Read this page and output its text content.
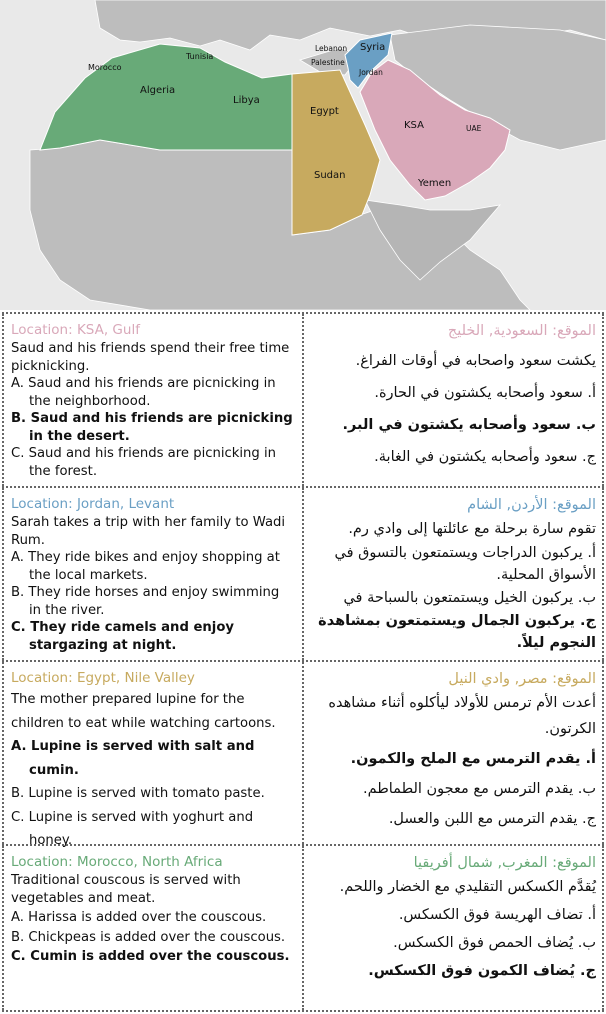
Morocco
Tunisia
Algeria
Libya
Egypt
Sudan
Lebanon Syria
Palestine
Jordan
KSA	UAE
Yemen

Location: KSA, Gulf

Saud and his friends spend their free time picknicking.

A. Saud and his friends are picnicking in the neighborhood.

B. Saud and his friends are picnicking in the desert.

C. Saud and his friends are picnicking in the forest.

الموقع: السعودية, الخليج

يكشت سعود واصحابه في أوقات الفراغ.

أ. سعود وأصحابه يكشتون في الحارة.

ب. سعود وأصحابه يكشتون في البر.

ج. سعود وأصحابه يكشتون في الغابة.

Location: Jordan, Levant

Sarah takes a trip with her family to Wadi Rum.

A. They ride bikes and enjoy shopping at the local markets.

B. They ride horses and enjoy swimming in the river.

C. They ride camels and enjoy stargazing at night.

الموقع: الأردن, الشام

تقوم سارة برحلة مع عائلتها إلى وادي رم.

أ. يركبون الدراجات ويستمتعون بالتسوق في الأسواق المحلية.

ب. يركبون الخيل ويستمتعون بالسباحة في

ج. يركبون الجمال ويستمتعون بمشاهدة النجوم ليلاً.

Location: Egypt, Nile Valley

The mother prepared lupine for the children to eat while watching cartoons.

A. Lupine is served with salt and cumin.

B. Lupine is served with tomato paste.

C. Lupine is served with yoghurt and honey.

الموقع: مصر, وادي النيل

أعدت الأم ترمس للأولاد ليأكلوه أثناء مشاهده الكرتون.

أ. يقدم الترمس مع الملح والكمون.

ب. يقدم الترمس مع معجون الطماطم.

ج. يقدم الترمس مع اللبن والعسل.

Location: Morocco, North Africa

Traditional couscous is served with vegetables and meat.

A. Harissa is added over the couscous.

B. Chickpeas is added over the couscous.

C. Cumin is added over the couscous.

الموقع: المغرب, شمال أفريقيا

يُقدَّم الكسكس التقليدي مع الخضار واللحم.

أ. تضاف الهريسة فوق الكسكس.

ب. يُضاف الحمص فوق الكسكس.

ج. يُضاف الكمون فوق الكسكس.
